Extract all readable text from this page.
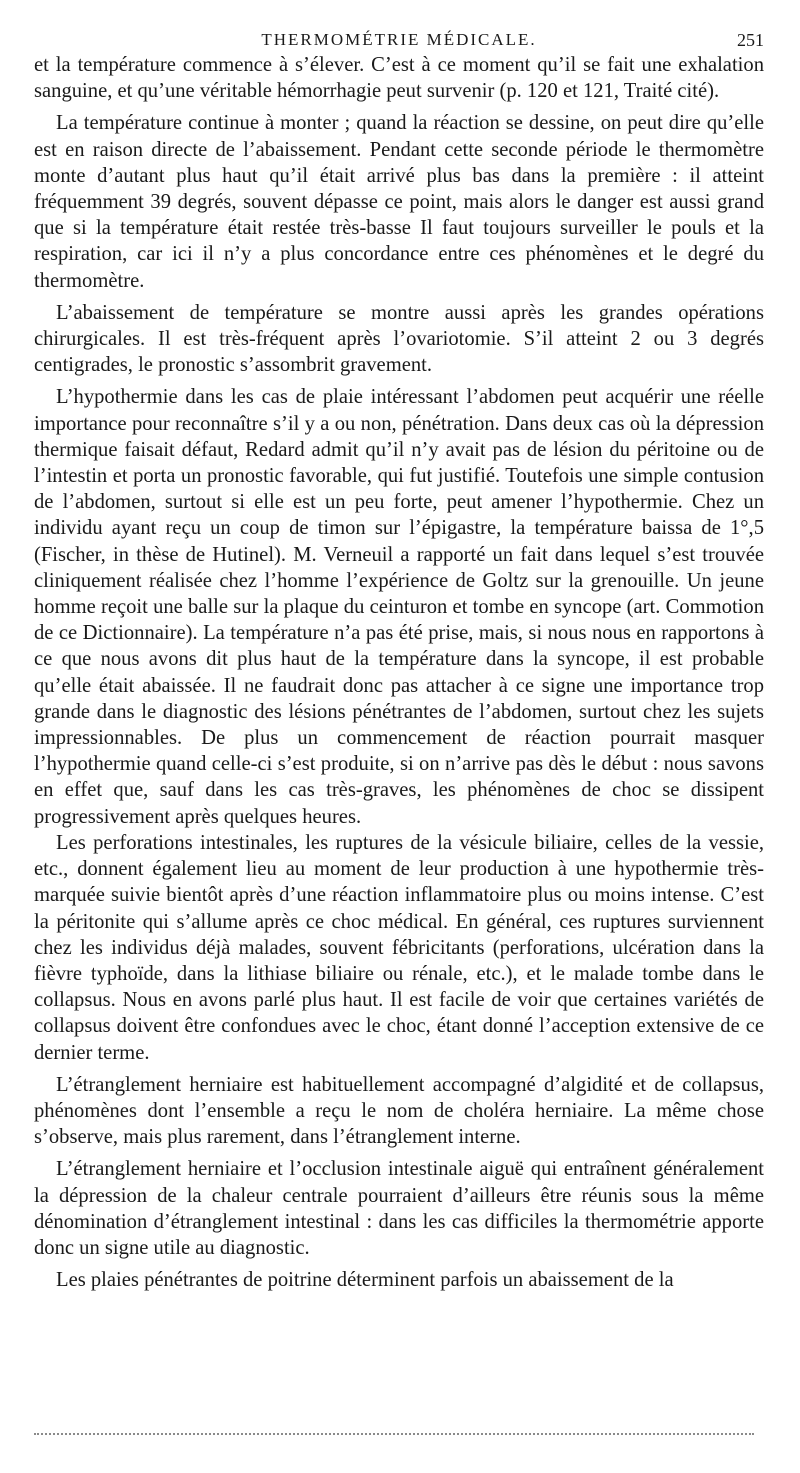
THERMOMÉTRIE MÉDICALE.	251

et la température commence à s’élever. C’est à ce moment qu’il se fait une exhalation sanguine, et qu’une véritable hémorrhagie peut survenir (p. 120 et 121, Traité cité).

La température continue à monter ; quand la réaction se dessine, on peut dire qu’elle est en raison directe de l’abaissement. Pendant cette seconde période le thermomètre monte d’autant plus haut qu’il était arrivé plus bas dans la première : il atteint fréquemment 39 degrés, souvent dépasse ce point, mais alors le danger est aussi grand que si la température était restée très-basse Il faut toujours surveiller le pouls et la respiration, car ici il n’y a plus concordance entre ces phénomènes et le degré du thermomètre.

L’abaissement de température se montre aussi après les grandes opérations chirurgicales. Il est très-fréquent après l’ovariotomie. S’il atteint 2 ou 3 degrés centigrades, le pronostic s’assombrit gravement.

L’hypothermie dans les cas de plaie intéressant l’abdomen peut acquérir une réelle importance pour reconnaître s’il y a ou non, pénétration. Dans deux cas où la dépression thermique faisait défaut, Redard admit qu’il n’y avait pas de lésion du péritoine ou de l’intestin et porta un pronostic favorable, qui fut justifié. Toutefois une simple contusion de l’abdomen, surtout si elle est un peu forte, peut amener l’hypothermie. Chez un individu ayant reçu un coup de timon sur l’épigastre, la température baissa de 1°,5 (Fischer, in thèse de Hutinel). M. Verneuil a rapporté un fait dans lequel s’est trouvée cliniquement réalisée chez l’homme l’expérience de Goltz sur la grenouille. Un jeune homme reçoit une balle sur la plaque du ceinturon et tombe en syncope (art. Commotion de ce Dictionnaire). La température n’a pas été prise, mais, si nous nous en rapportons à ce que nous avons dit plus haut de la température dans la syncope, il est probable qu’elle était abaissée. Il ne faudrait donc pas attacher à ce signe une importance trop grande dans le diagnostic des lésions pénétrantes de l’abdomen, surtout chez les sujets impressionnables. De plus un commencement de réaction pourrait masquer l’hypothermie quand celle-ci s’est produite, si on n’arrive pas dès le début : nous savons en effet que, sauf dans les cas très-graves, les phénomènes de choc se dissipent progressivement après quelques heures.

Les perforations intestinales, les ruptures de la vésicule biliaire, celles de la vessie, etc., donnent également lieu au moment de leur production à une hypothermie très-marquée suivie bientôt après d’une réaction inflammatoire plus ou moins intense. C’est la péritonite qui s’allume après ce choc médical. En général, ces ruptures surviennent chez les individus déjà malades, souvent fébricitants (perforations, ulcération dans la fièvre typhoïde, dans la lithiase biliaire ou rénale, etc.), et le malade tombe dans le collapsus. Nous en avons parlé plus haut. Il est facile de voir que certaines variétés de collapsus doivent être confondues avec le choc, étant donné l’acception extensive de ce dernier terme.

L’étranglement herniaire est habituellement accompagné d’algidité et de collapsus, phénomènes dont l’ensemble a reçu le nom de choléra herniaire. La même chose s’observe, mais plus rarement, dans l’étranglement interne.

L’étranglement herniaire et l’occlusion intestinale aiguë qui entraînent généralement la dépression de la chaleur centrale pourraient d’ailleurs être réunis sous la même dénomination d’étranglement intestinal : dans les cas difficiles la thermométrie apporte donc un signe utile au diagnostic.

Les plaies pénétrantes de poitrine déterminent parfois un abaissement de la
